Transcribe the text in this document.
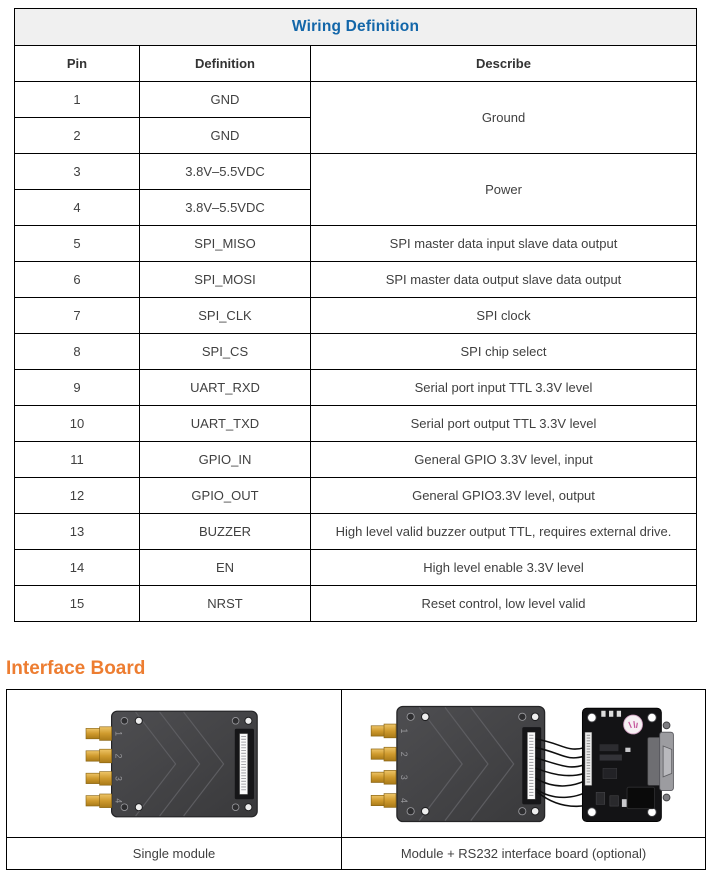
Wiring Definition		
Pin	Definition	Describe
1	GND	Ground
2	GND	
3	3.8V–5.5VDC	Power
4	3.8V–5.5VDC	
5	SPI_MISO	SPI master data input slave data output
6	SPI_MOSI	SPI master data output slave data output
7	SPI_CLK	SPI clock
8	SPI_CS	SPI chip select
9	UART_RXD	Serial port input TTL 3.3V level
10	UART_TXD	Serial port output TTL 3.3V level
11	GPIO_IN	General GPIO 3.3V level, input
12	GPIO_OUT	General GPIO3.3V level, output
13	BUZZER	High level valid buzzer output TTL, requires external drive.
14	EN	High level enable 3.3V level
15	NRST	Reset control, low level valid
Interface Board
1
2
3
4	1
2
3
4

Single module	Module + RS232 interface board (optional)
